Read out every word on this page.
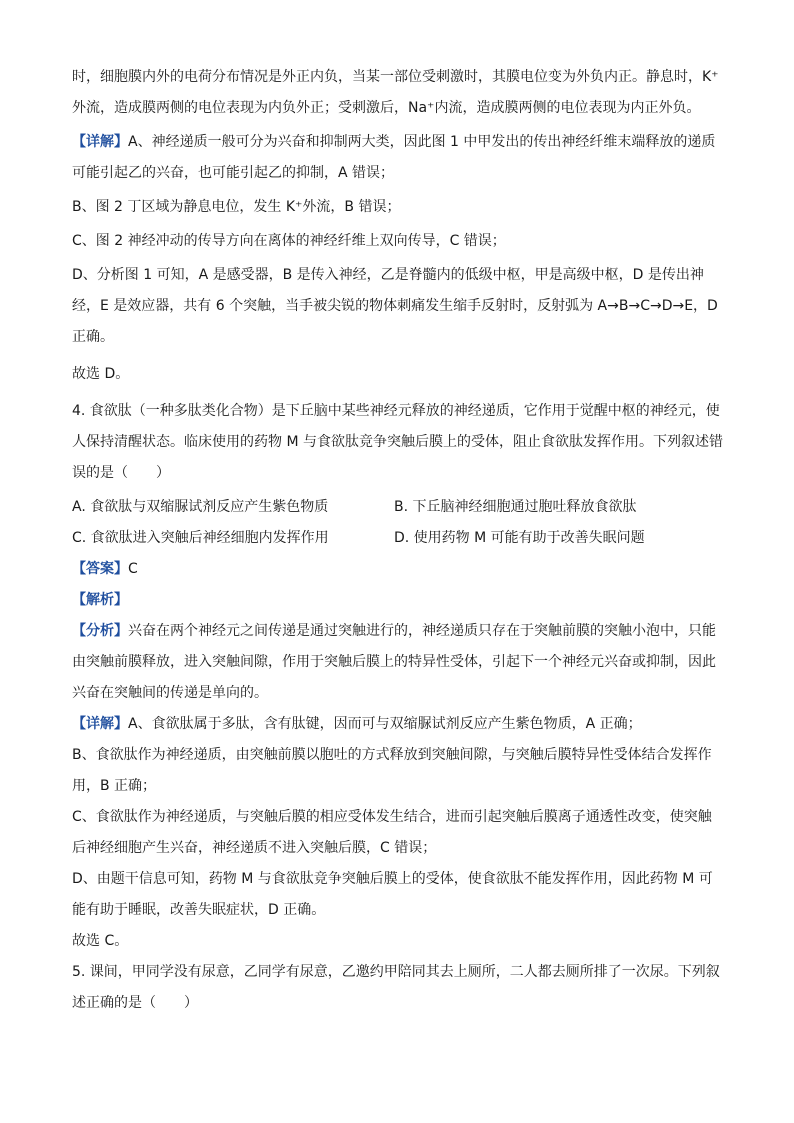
时，细胞膜内外的电荷分布情况是外正内负，当某一部位受刺激时，其膜电位变为外负内正。静息时，K⁺外流，造成膜两侧的电位表现为内负外正；受刺激后，Na⁺内流，造成膜两侧的电位表现为内正外负。

【详解】A、神经递质一般可分为兴奋和抑制两大类，因此图 1 中甲发出的传出神经纤维末端释放的递质可能引起乙的兴奋，也可能引起乙的抑制，A 错误；

B、图 2 丁区域为静息电位，发生 K⁺外流，B 错误；

C、图 2 神经冲动的传导方向在离体的神经纤维上双向传导，C 错误；

D、分析图 1 可知，A 是感受器，B 是传入神经，乙是脊髓内的低级中枢，甲是高级中枢，D 是传出神经，E 是效应器，共有 6 个突触，当手被尖锐的物体刺痛发生缩手反射时，反射弧为 A→B→C→D→E，D 正确。

故选 D。

4. 食欲肽（一种多肽类化合物）是下丘脑中某些神经元释放的神经递质，它作用于觉醒中枢的神经元，使人保持清醒状态。临床使用的药物 M 与食欲肽竞争突触后膜上的受体，阻止食欲肽发挥作用。下列叙述错误的是（　　）

A. 食欲肽与双缩脲试剂反应产生紫色物质	B. 下丘脑神经细胞通过胞吐释放食欲肽
C. 食欲肽进入突触后神经细胞内发挥作用	D. 使用药物 M 可能有助于改善失眠问题

【答案】C

【解析】

【分析】兴奋在两个神经元之间传递是通过突触进行的，神经递质只存在于突触前膜的突触小泡中，只能由突触前膜释放，进入突触间隙，作用于突触后膜上的特异性受体，引起下一个神经元兴奋或抑制，因此兴奋在突触间的传递是单向的。

【详解】A、食欲肽属于多肽，含有肽键，因而可与双缩脲试剂反应产生紫色物质，A 正确；

B、食欲肽作为神经递质，由突触前膜以胞吐的方式释放到突触间隙，与突触后膜特异性受体结合发挥作用，B 正确；

C、食欲肽作为神经递质，与突触后膜的相应受体发生结合，进而引起突触后膜离子通透性改变，使突触后神经细胞产生兴奋，神经递质不进入突触后膜，C 错误；

D、由题干信息可知，药物 M 与食欲肽竞争突触后膜上的受体，使食欲肽不能发挥作用，因此药物 M 可能有助于睡眠，改善失眠症状，D 正确。

故选 C。

5. 课间，甲同学没有尿意，乙同学有尿意，乙邀约甲陪同其去上厕所，二人都去厕所排了一次尿。下列叙述正确的是（　　）
